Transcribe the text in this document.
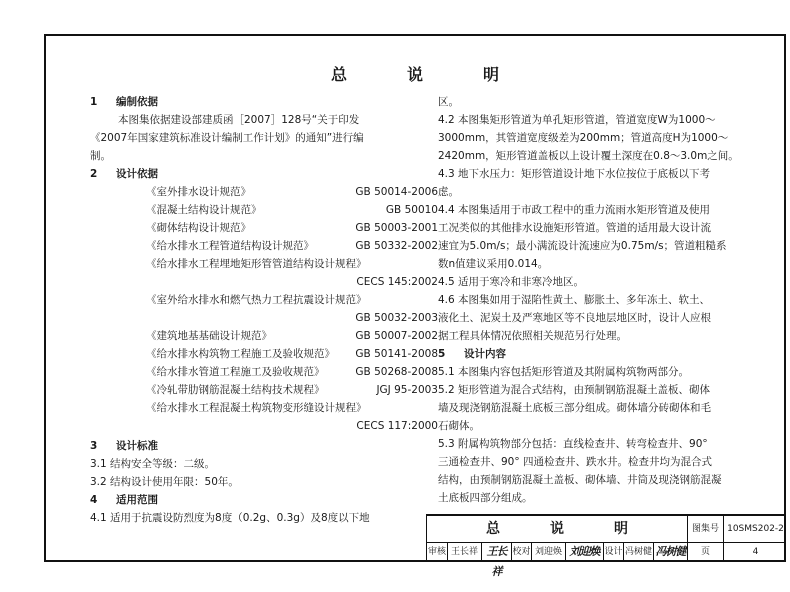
总　说　明
1 编制依据
本图集依据建设部建质函［2007］128号“关于印发
《2007年国家建筑标准设计编制工作计划》的通知”进行编
制。
2 设计依据
《室外排水设计规范》	GB 50014-2006
《混凝土结构设计规范》	GB 50010
《砌体结构设计规范》	GB 50003-2001
《给水排水工程管道结构设计规范》	GB 50332-2002
《给水排水工程埋地矩形管管道结构设计规程》
CECS 145:2002
《室外给水排水和燃气热力工程抗震设计规范》
GB 50032-2003
《建筑地基基础设计规范》	GB 50007-2002
《给水排水构筑物工程施工及验收规范》 GB 50141-2008
《给水排水管道工程施工及验收规范》	GB 50268-2008
《冷轧带肋钢筋混凝土结构技术规程》	JGJ 95-2003
《给水排水工程混凝土构筑物变形缝设计规程》
CECS 117:2000
3 设计标准
3.1 结构安全等级：二级。
3.2 结构设计使用年限：50年。
4 适用范围
4.1 适用于抗震设防烈度为8度（0.2g、0.3g）及8度以下地
区。
4.2 本图集矩形管道为单孔矩形管道，管道宽度W为1000～
3000mm，其管道宽度级差为200mm；管道高度H为1000～
2420mm，矩形管道盖板以上设计覆土深度在0.8～3.0m之间。
4.3 地下水压力：矩形管道设计地下水位按位于底板以下考
虑。
4.4 本图集适用于市政工程中的重力流雨水矩形管道及使用
工况类似的其他排水设施矩形管道。管道的适用最大设计流
速宜为5.0m/s；最小满流设计流速应为0.75m/s；管道粗糙系
数n值建议采用0.014。
4.5 适用于寒冷和非寒冷地区。
4.6 本图集如用于湿陷性黄土、膨胀土、多年冻土、软土、
液化土、泥炭土及严寒地区等不良地层地区时，设计人应根
据工程具体情况依照相关规范另行处理。
5 设计内容
5.1 本图集内容包括矩形管道及其附属构筑物两部分。
5.2 矩形管道为混合式结构，由预制钢筋混凝土盖板、砌体
墙及现浇钢筋混凝土底板三部分组成。砌体墙分砖砌体和毛
石砌体。
5.3 附属构筑物部分包括：直线检查井、转弯检查井、90°
三通检查井、90° 四通检查井、跌水井。检查井均为混合式
结构，由预制钢筋混凝土盖板、砌体墙、井筒及现浇钢筋混凝
土底板四部分组成。
总　说　明	图集号 10SMS202-2
审核 王长祥 王长祥
校对 刘迎焕 刘迎焕 设计 冯树健 冯树健	页	4
